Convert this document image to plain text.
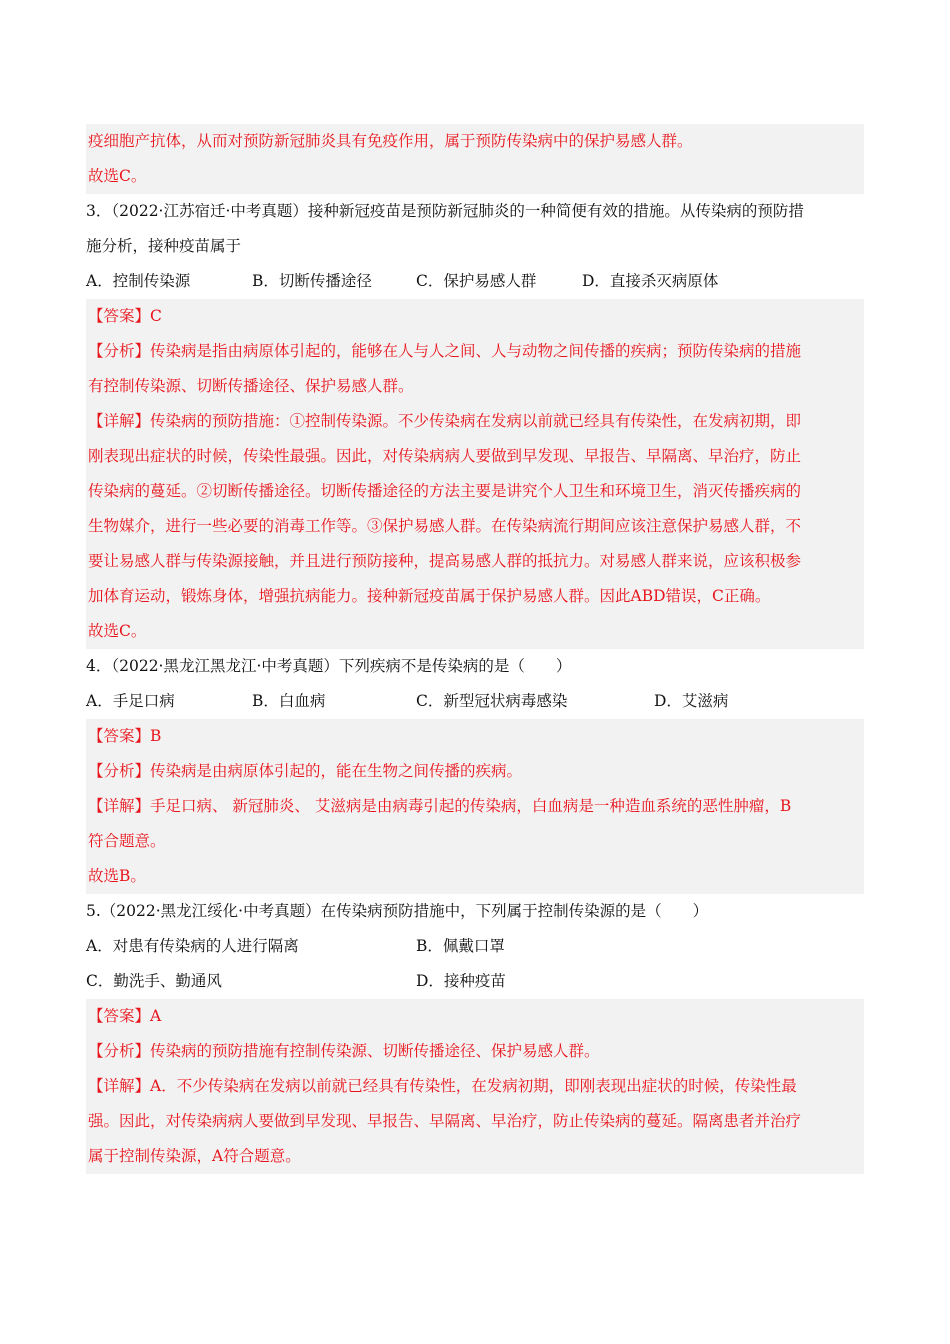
疫细胞产抗体，从而对预防新冠肺炎具有免疫作用，属于预防传染病中的保护易感人群。
故选C。
3．（2022·江苏宿迁·中考真题）接种新冠疫苗是预防新冠肺炎的一种简便有效的措施。从传染病的预防措
施分析，接种疫苗属于
A．控制传染源	B．切断传播途径	C．保护易感人群	D．直接杀灭病原体
【答案】C
【分析】传染病是指由病原体引起的，能够在人与人之间、人与动物之间传播的疾病；预防传染病的措施
有控制传染源、切断传播途径、保护易感人群。
【详解】传染病的预防措施：①控制传染源。不少传染病在发病以前就已经具有传染性，在发病初期，即
刚表现出症状的时候，传染性最强。因此，对传染病病人要做到早发现、早报告、早隔离、早治疗，防止
传染病的蔓延。②切断传播途径。切断传播途径的方法主要是讲究个人卫生和环境卫生，消灭传播疾病的
生物媒介，进行一些必要的消毒工作等。③保护易感人群。在传染病流行期间应该注意保护易感人群，不
要让易感人群与传染源接触，并且进行预防接种，提高易感人群的抵抗力。对易感人群来说，应该积极参
加体育运动，锻炼身体，增强抗病能力。接种新冠疫苗属于保护易感人群。因此ABD错误，C正确。
故选C。
4．（2022·黑龙江黑龙江·中考真题）下列疾病不是传染病的是（　　）
A．手足口病	B．白血病	C．新型冠状病毒感染	D．艾滋病
【答案】B
【分析】传染病是由病原体引起的，能在生物之间传播的疾病。
【详解】手足口病、 新冠肺炎、 艾滋病是由病毒引起的传染病，白血病是一种造血系统的恶性肿瘤，B
符合题意。
故选B。
5.（2022·黑龙江绥化·中考真题）在传染病预防措施中，下列属于控制传染源的是（　　）
A．对患有传染病的人进行隔离	B．佩戴口罩
C．勤洗手、勤通风	D．接种疫苗
【答案】A
【分析】传染病的预防措施有控制传染源、切断传播途径、保护易感人群。
【详解】A．不少传染病在发病以前就已经具有传染性，在发病初期，即刚表现出症状的时候，传染性最
强。因此，对传染病病人要做到早发现、早报告、早隔离、早治疗，防止传染病的蔓延。隔离患者并治疗
属于控制传染源，A符合题意。
